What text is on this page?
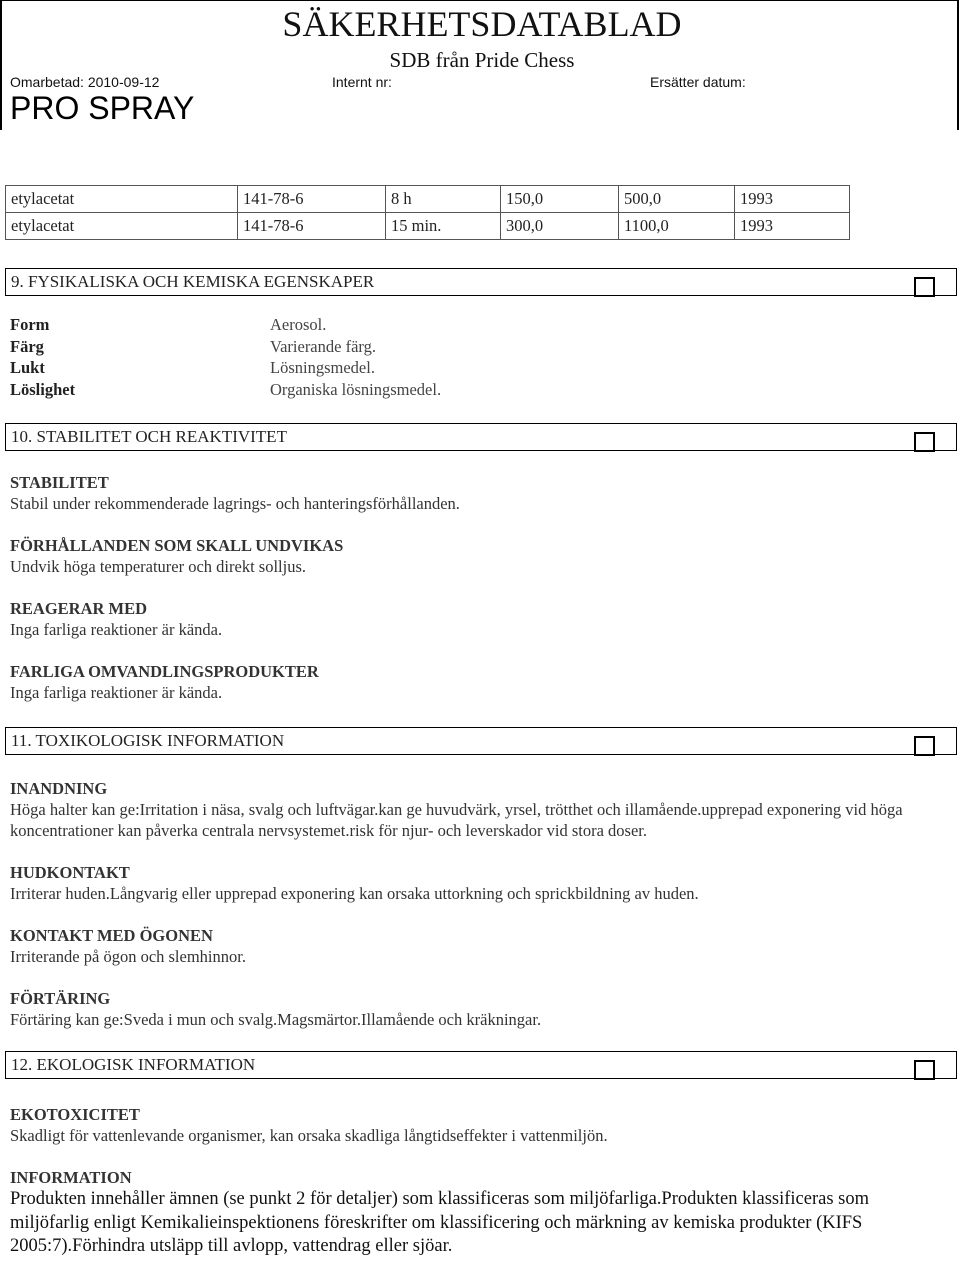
SÄKERHETSDATABLAD
SDB från Pride Chess
Omarbetad: 2010-09-12	Internt nr:	Ersätter datum:
PRO SPRAY
etylacetat	141-78-6	8 h	150,0	500,0	1993
etylacetat	141-78-6	15 min.	300,0	1100,0	1993
9. FYSIKALISKA OCH KEMISKA EGENSKAPER
Form	Aerosol.
Färg	Varierande färg.
Lukt	Lösningsmedel.
Löslighet	Organiska lösningsmedel.
10. STABILITET OCH REAKTIVITET
STABILITET
Stabil under rekommenderade lagrings- och hanteringsförhållanden.
FÖRHÅLLANDEN SOM SKALL UNDVIKAS
Undvik höga temperaturer och direkt solljus.
REAGERAR MED
Inga farliga reaktioner är kända.
FARLIGA OMVANDLINGSPRODUKTER
Inga farliga reaktioner är kända.
11. TOXIKOLOGISK INFORMATION
INANDNING
Höga halter kan ge:Irritation i näsa, svalg och luftvägar.kan ge huvudvärk, yrsel, trötthet och illamående.upprepad exponering vid höga koncentrationer kan påverka centrala nervsystemet.risk för njur- och leverskador vid stora doser.
HUDKONTAKT
Irriterar huden.Långvarig eller upprepad exponering kan orsaka uttorkning och sprickbildning av huden.
KONTAKT MED ÖGONEN
Irriterande på ögon och slemhinnor.
FÖRTÄRING
Förtäring kan ge:Sveda i mun och svalg.Magsmärtor.Illamående och kräkningar.
12. EKOLOGISK INFORMATION
EKOTOXICITET
Skadligt för vattenlevande organismer, kan orsaka skadliga långtidseffekter i vattenmiljön.
INFORMATION
Produkten innehåller ämnen (se punkt 2 för detaljer) som klassificeras som miljöfarliga.Produkten klassificeras som miljöfarlig enligt Kemikalieinspektionens föreskrifter om klassificering och märkning av kemiska produkter (KIFS 2005:7).Förhindra utsläpp till avlopp, vattendrag eller sjöar.
